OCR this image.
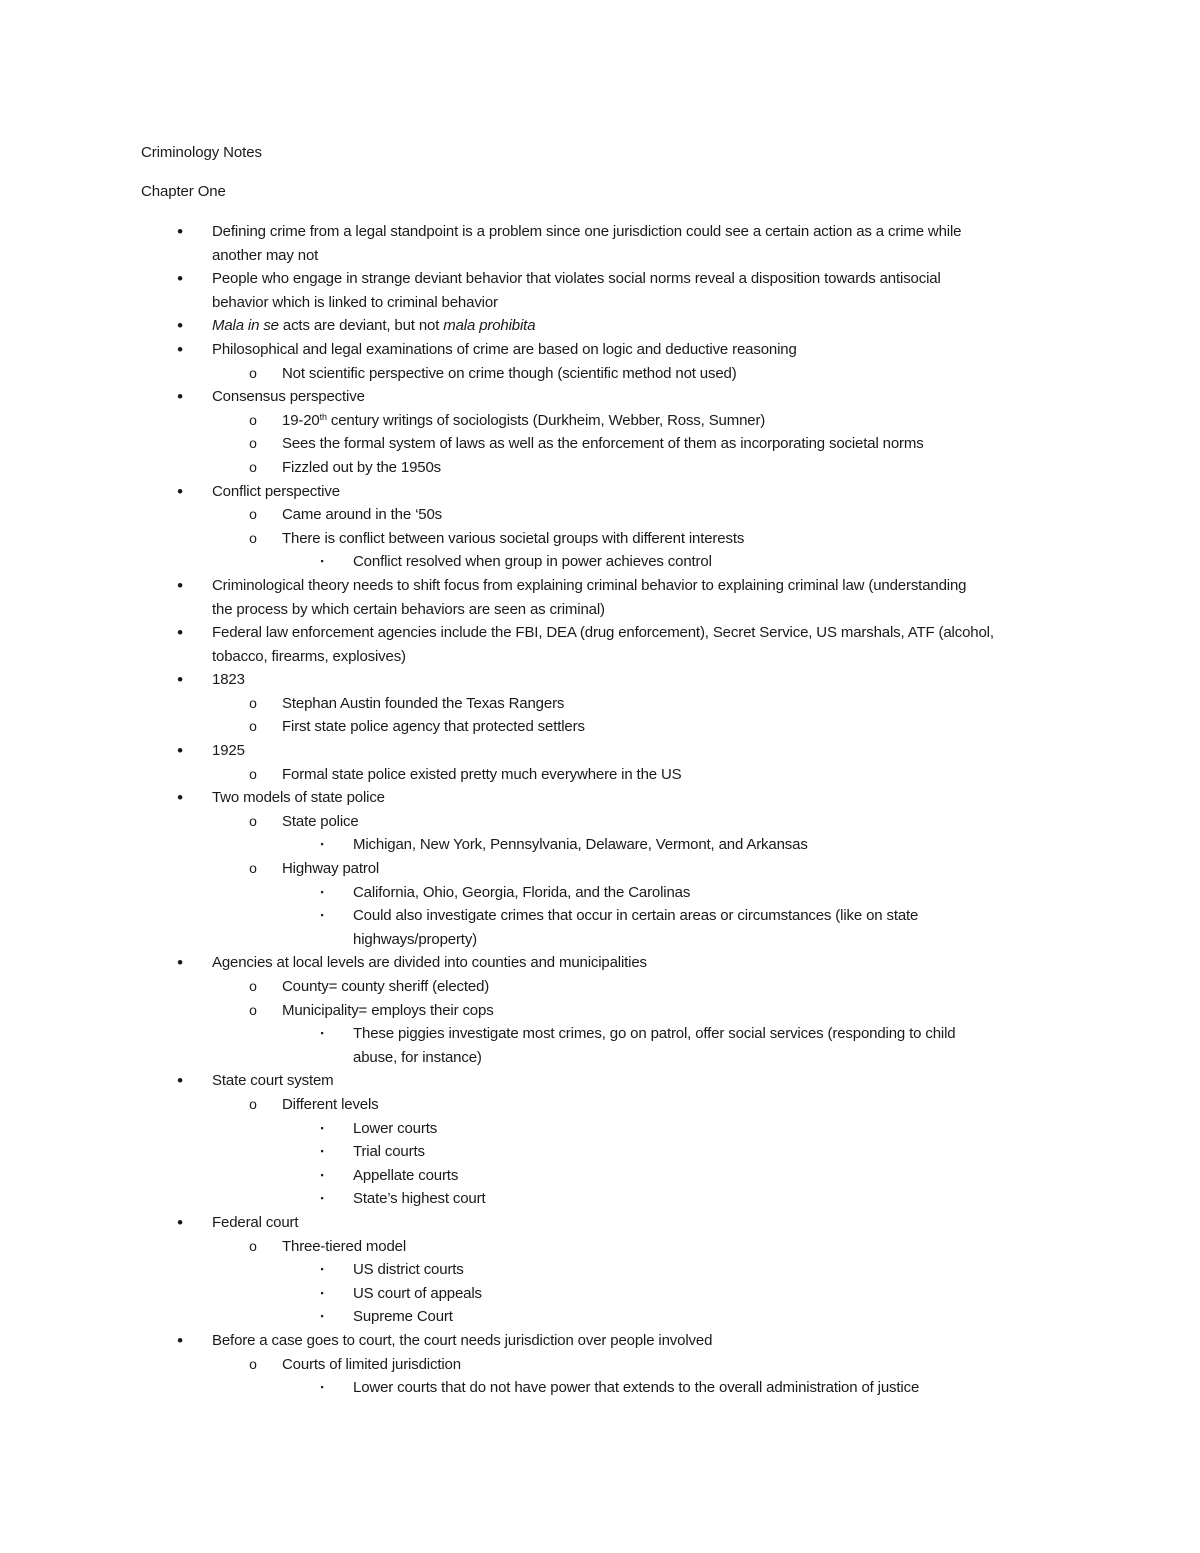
Criminology Notes
Chapter One
• Defining crime from a legal standpoint is a problem since one jurisdiction could see a certain action as a crime while
another may not
• People who engage in strange deviant behavior that violates social norms reveal a disposition towards antisocial
behavior which is linked to criminal behavior
• Mala in se acts are deviant, but not mala prohibita
• Philosophical and legal examinations of crime are based on logic and deductive reasoning
o Not scientific perspective on crime though (scientific method not used)
• Consensus perspective
o 19-20th century writings of sociologists (Durkheim, Webber, Ross, Sumner)
o Sees the formal system of laws as well as the enforcement of them as incorporating societal norms
o Fizzled out by the 1950s
• Conflict perspective
o Came around in the ‘50s
o There is conflict between various societal groups with different interests
▪	Conflict resolved when group in power achieves control
• Criminological theory needs to shift focus from explaining criminal behavior to explaining criminal law (understanding
the process by which certain behaviors are seen as criminal)
• Federal law enforcement agencies include the FBI, DEA (drug enforcement), Secret Service, US marshals, ATF (alcohol,
tobacco, firearms, explosives)
• 1823
o Stephan Austin founded the Texas Rangers
o First state police agency that protected settlers
• 1925
o Formal state police existed pretty much everywhere in the US
• Two models of state police
o State police
▪	Michigan, New York, Pennsylvania, Delaware, Vermont, and Arkansas
o Highway patrol
▪	California, Ohio, Georgia, Florida, and the Carolinas
▪	Could also investigate crimes that occur in certain areas or circumstances (like on state
highways/property)
• Agencies at local levels are divided into counties and municipalities
o County= county sheriff (elected)
o Municipality= employs their cops
▪	These piggies investigate most crimes, go on patrol, offer social services (responding to child
abuse, for instance)
• State court system
o Different levels
▪	Lower courts
▪	Trial courts
▪	Appellate courts
▪	State’s highest court
• Federal court
o Three-tiered model
▪	US district courts
▪	US court of appeals
▪	Supreme Court
• Before a case goes to court, the court needs jurisdiction over people involved
o Courts of limited jurisdiction
▪	Lower courts that do not have power that extends to the overall administration of justice
